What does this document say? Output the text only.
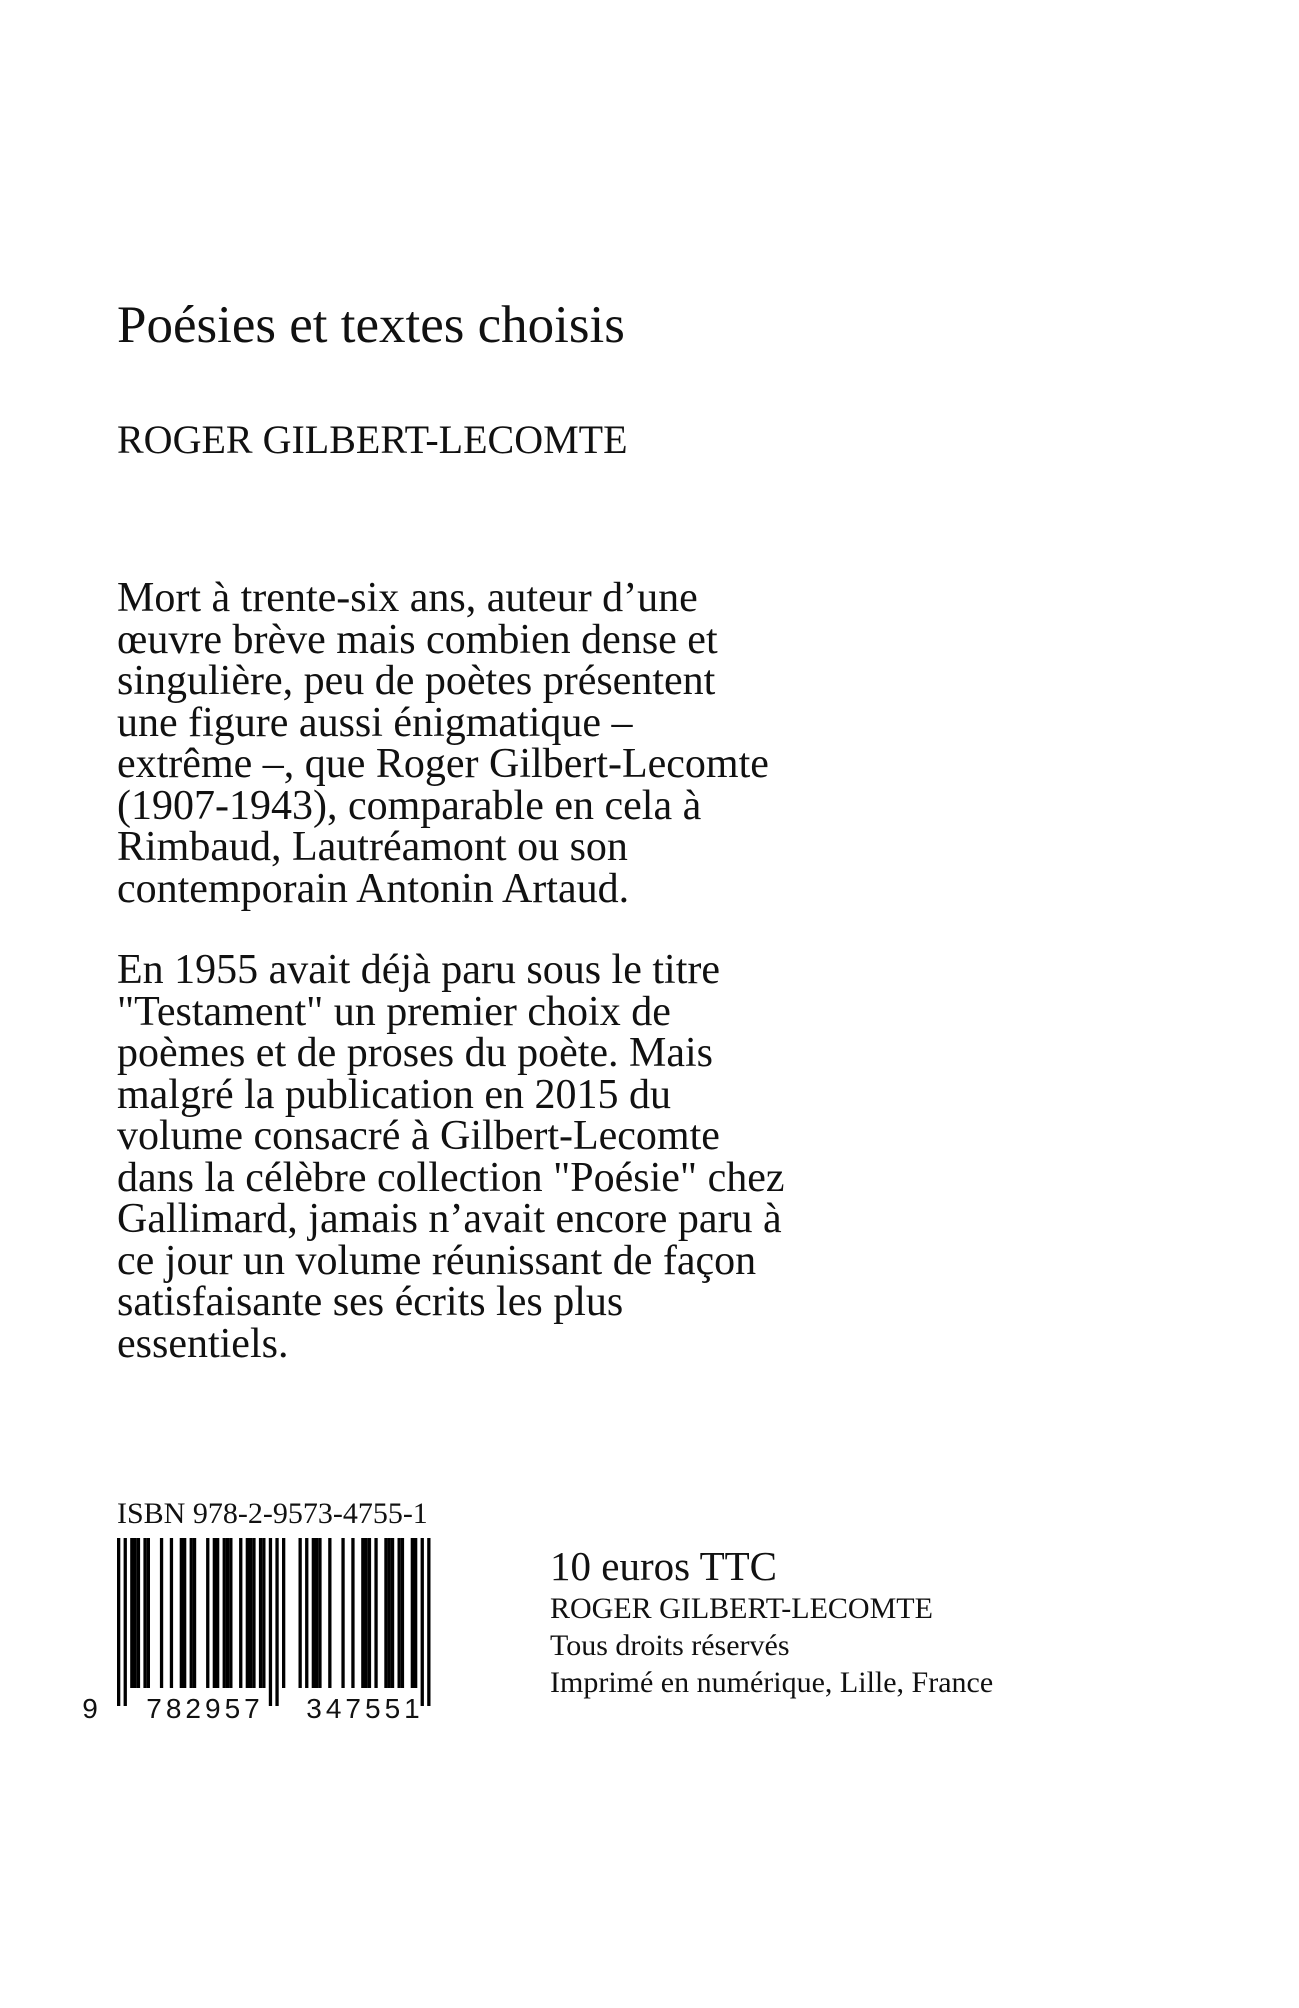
Poésies et textes choisis
ROGER GILBERT-LECOMTE
Mort à trente-six ans, auteur d’une
œuvre brève mais combien dense et
singulière, peu de poètes présentent
une figure aussi énigmatique –
extrême –, que Roger Gilbert-Lecomte
(1907-1943), comparable en cela à
Rimbaud, Lautréamont ou son
contemporain Antonin Artaud.
En 1955 avait déjà paru sous le titre
"Testament" un premier choix de
poèmes et de proses du poète. Mais
malgré la publication en 2015 du
volume consacré à Gilbert-Lecomte
dans la célèbre collection "Poésie" chez
Gallimard, jamais n’avait encore paru à
ce jour un volume réunissant de façon
satisfaisante ses écrits les plus
essentiels.
ISBN 978-2-9573-4755-1
9 782957 347551
10 euros TTC
ROGER GILBERT-LECOMTE
Tous droits réservés
Imprimé en numérique, Lille, France
